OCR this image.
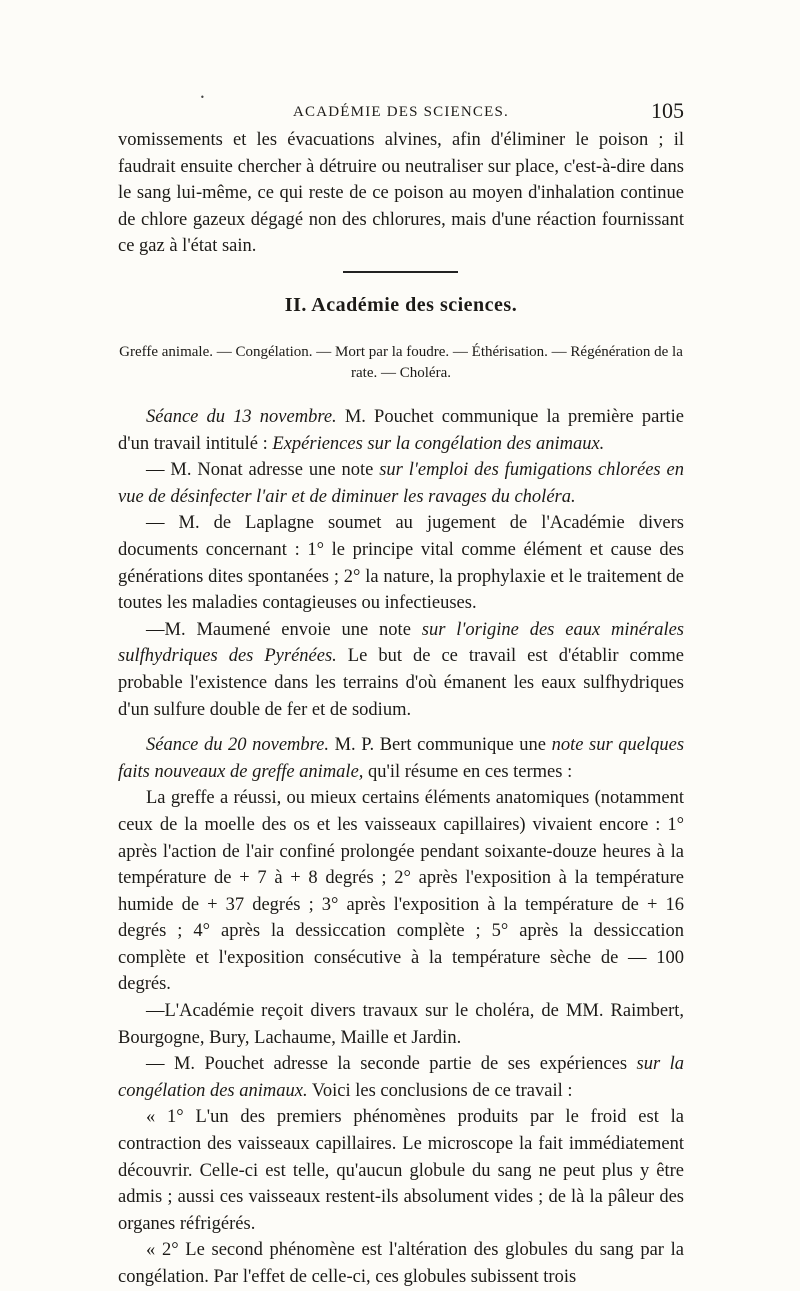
•
ACADÉMIE DES SCIENCES.	105

vomissements et les évacuations alvines, afin d'éliminer le poison ; il faudrait ensuite chercher à détruire ou neutraliser sur place, c'est-à-dire dans le sang lui-même, ce qui reste de ce poison au moyen d'inhalation continue de chlore gazeux dégagé non des chlorures, mais d'une réaction fournissant ce gaz à l'état sain.

II. Académie des sciences.
Greffe animale. — Congélation. — Mort par la foudre. — Éthérisation. — Régénération de la rate. — Choléra.

Séance du 13 novembre. M. Pouchet communique la première partie d'un travail intitulé : Expériences sur la congélation des animaux.

— M. Nonat adresse une note sur l'emploi des fumigations chlorées en vue de désinfecter l'air et de diminuer les ravages du choléra.

— M. de Laplagne soumet au jugement de l'Académie divers documents concernant : 1° le principe vital comme élément et cause des générations dites spontanées ; 2° la nature, la prophylaxie et le traitement de toutes les maladies contagieuses ou infectieuses.

—M. Maumené envoie une note sur l'origine des eaux minérales sulfhydriques des Pyrénées. Le but de ce travail est d'établir comme probable l'existence dans les terrains d'où émanent les eaux sulfhydriques d'un sulfure double de fer et de sodium.

Séance du 20 novembre. M. P. Bert communique une note sur quelques faits nouveaux de greffe animale, qu'il résume en ces termes :

La greffe a réussi, ou mieux certains éléments anatomiques (notamment ceux de la moelle des os et les vaisseaux capillaires) vivaient encore : 1° après l'action de l'air confiné prolongée pendant soixante-douze heures à la température de + 7 à + 8 degrés ; 2° après l'exposition à la température humide de + 37 degrés ; 3° après l'exposition à la température de + 16 degrés ; 4° après la dessiccation complète ; 5° après la dessiccation complète et l'exposition consécutive à la température sèche de — 100 degrés.

—L'Académie reçoit divers travaux sur le choléra, de MM. Raimbert, Bourgogne, Bury, Lachaume, Maille et Jardin.

— M. Pouchet adresse la seconde partie de ses expériences sur la congélation des animaux. Voici les conclusions de ce travail :

« 1° L'un des premiers phénomènes produits par le froid est la contraction des vaisseaux capillaires. Le microscope la fait immédiatement découvrir. Celle-ci est telle, qu'aucun globule du sang ne peut plus y être admis ; aussi ces vaisseaux restent-ils absolument vides ; de là la pâleur des organes réfrigérés.

« 2° Le second phénomène est l'altération des globules du sang par la congélation. Par l'effet de celle-ci, ces globules subissent trois
